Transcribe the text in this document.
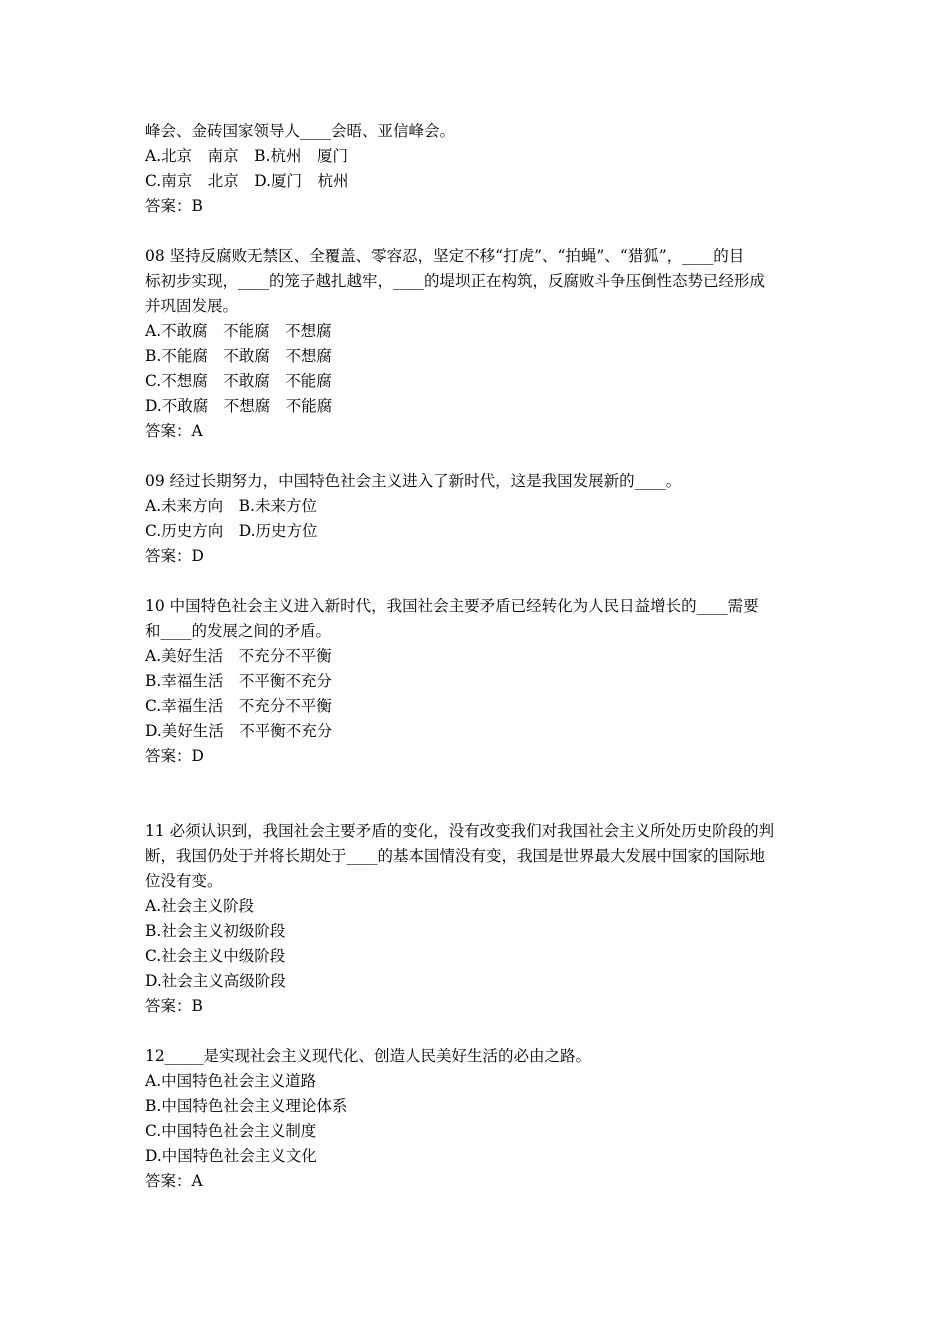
峰会、金砖国家领导人____会晤、亚信峰会。
A.北京　南京　B.杭州　厦门
C.南京　北京　D.厦门　杭州
答案：B
08 坚持反腐败无禁区、全覆盖、零容忍，坚定不移“打虎”、“拍蝇”、“猎狐”，____的目
标初步实现，____的笼子越扎越牢，____的堤坝正在构筑，反腐败斗争压倒性态势已经形成
并巩固发展。
A.不敢腐　不能腐　不想腐
B.不能腐　不敢腐　不想腐
C.不想腐　不敢腐　不能腐
D.不敢腐　不想腐　不能腐
答案：A
09 经过长期努力，中国特色社会主义进入了新时代，这是我国发展新的____。
A.未来方向　B.未来方位
C.历史方向　D.历史方位
答案：D
10 中国特色社会主义进入新时代，我国社会主要矛盾已经转化为人民日益增长的____需要
和____的发展之间的矛盾。
A.美好生活　不充分不平衡
B.幸福生活　不平衡不充分
C.幸福生活　不充分不平衡
D.美好生活　不平衡不充分
答案：D
11 必须认识到，我国社会主要矛盾的变化，没有改变我们对我国社会主义所处历史阶段的判
断，我国仍处于并将长期处于____的基本国情没有变，我国是世界最大发展中国家的国际地
位没有变。
A.社会主义阶段
B.社会主义初级阶段
C.社会主义中级阶段
D.社会主义高级阶段
答案：B
12_____是实现社会主义现代化、创造人民美好生活的必由之路。
A.中国特色社会主义道路
B.中国特色社会主义理论体系
C.中国特色社会主义制度
D.中国特色社会主义文化
答案：A
